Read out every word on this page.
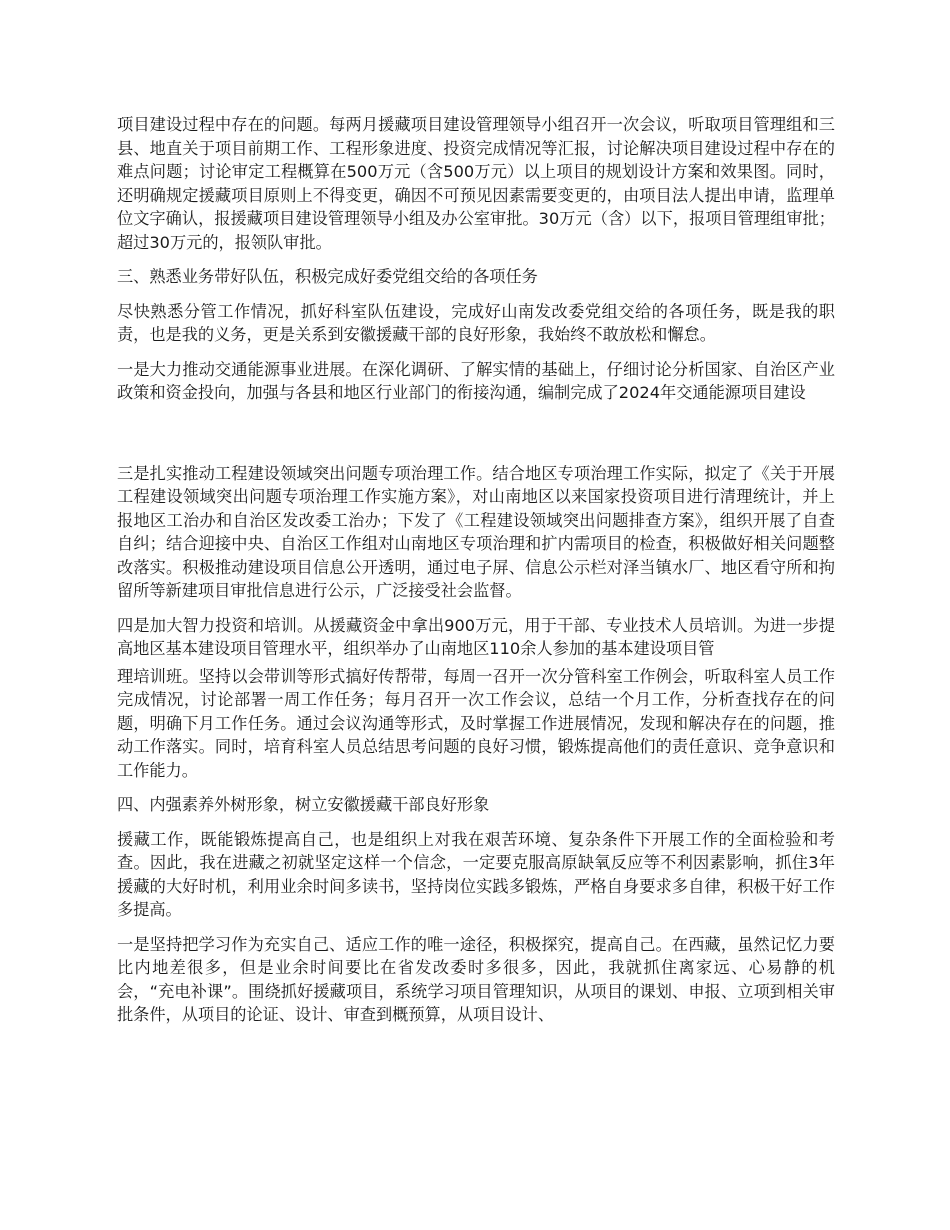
项目建设过程中存在的问题。每两月援藏项目建设管理领导小组召开一次会议，听取项目管理组和三县、地直关于项目前期工作、工程形象进度、投资完成情况等汇报，讨论解决项目建设过程中存在的难点问题；讨论审定工程概算在500万元（含500万元）以上项目的规划设计方案和效果图。同时，还明确规定援藏项目原则上不得变更，确因不可预见因素需要变更的，由项目法人提出申请，监理单位文字确认，报援藏项目建设管理领导小组及办公室审批。30万元（含）以下，报项目管理组审批；超过30万元的，报领队审批。

三、熟悉业务带好队伍，积极完成好委党组交给的各项任务

尽快熟悉分管工作情况，抓好科室队伍建设，完成好山南发改委党组交给的各项任务，既是我的职责，也是我的义务，更是关系到安徽援藏干部的良好形象，我始终不敢放松和懈怠。

一是大力推动交通能源事业进展。在深化调研、了解实情的基础上，仔细讨论分析国家、自治区产业政策和资金投向，加强与各县和地区行业部门的衔接沟通，编制完成了2024年交通能源项目建设

三是扎实推动工程建设领域突出问题专项治理工作。结合地区专项治理工作实际，拟定了《关于开展工程建设领域突出问题专项治理工作实施方案》，对山南地区以来国家投资项目进行清理统计，并上报地区工治办和自治区发改委工治办；下发了《工程建设领域突出问题排查方案》，组织开展了自查自纠；结合迎接中央、自治区工作组对山南地区专项治理和扩内需项目的检查，积极做好相关问题整改落实。积极推动建设项目信息公开透明，通过电子屏、信息公示栏对泽当镇水厂、地区看守所和拘留所等新建项目审批信息进行公示，广泛接受社会监督。

四是加大智力投资和培训。从援藏资金中拿出900万元，用于干部、专业技术人员培训。为进一步提高地区基本建设项目管理水平，组织举办了山南地区110余人参加的基本建设项目管

理培训班。坚持以会带训等形式搞好传帮带，每周一召开一次分管科室工作例会，听取科室人员工作完成情况，讨论部署一周工作任务；每月召开一次工作会议，总结一个月工作，分析查找存在的问题，明确下月工作任务。通过会议沟通等形式，及时掌握工作进展情况，发现和解决存在的问题，推动工作落实。同时，培育科室人员总结思考问题的良好习惯，锻炼提高他们的责任意识、竞争意识和工作能力。

四、内强素养外树形象，树立安徽援藏干部良好形象

援藏工作，既能锻炼提高自己，也是组织上对我在艰苦环境、复杂条件下开展工作的全面检验和考查。因此，我在进藏之初就坚定这样一个信念，一定要克服高原缺氧反应等不利因素影响，抓住3年援藏的大好时机，利用业余时间多读书，坚持岗位实践多锻炼，严格自身要求多自律，积极干好工作多提高。

一是坚持把学习作为充实自己、适应工作的唯一途径，积极探究，提高自己。在西藏，虽然记忆力要比内地差很多，但是业余时间要比在省发改委时多很多，因此，我就抓住离家远、心易静的机会，“充电补课”。围绕抓好援藏项目，系统学习项目管理知识，从项目的课划、申报、立项到相关审批条件，从项目的论证、设计、审查到概预算，从项目设计、
